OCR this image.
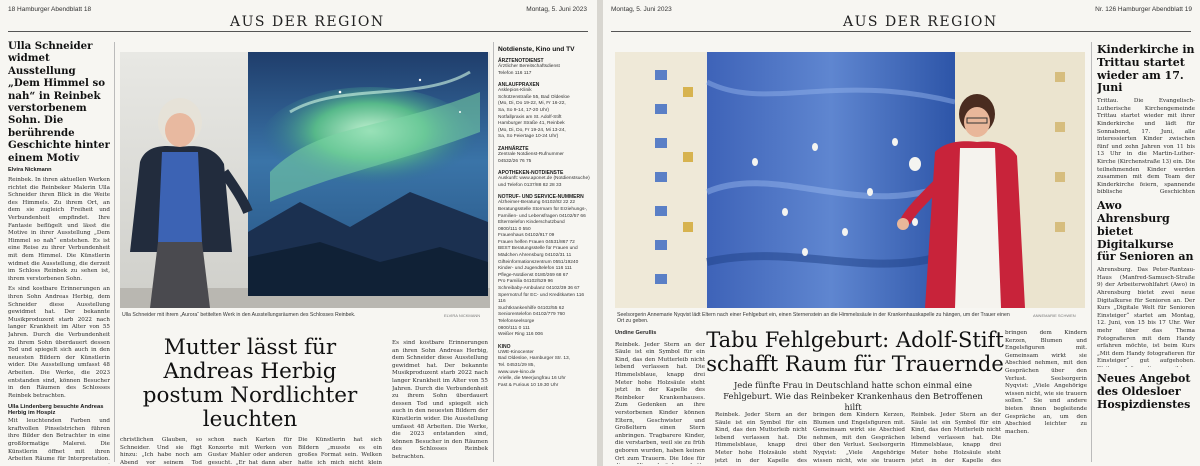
18 Hamburger Abendblatt 18	Montag, 5. Juni 2023
AUS DER REGION
Ulla Schneider widmet Ausstellung „Dem Himmel so nah“ in Reinbek verstorbenem Sohn. Die berührende Geschichte hinter einem Motiv
Elvira Nickmann

Reinbek. In ihren aktuellen Werken richtet die Reinbeker Malerin Ulla Schneider ihren Blick in die Weite des Himmels. Zu ihrem Ort, an dem sie zugleich Freiheit und Verbundenheit empfindet. Ihre Fantasie beflügelt und lässt die Motive in ihrer Ausstellung „Dem Himmel so nah“ entstehen. Es ist eine Reise zu ihrer Verbundenheit mit dem Himmel. Die Künstlerin widmet die Ausstellung, die derzeit im Schloss Reinbek zu sehen ist, ihrem verstorbenen Sohn.

Es sind kostbare Erinnerungen an ihren Sohn Andreas Herbig, dem Schneider diese Ausstellung gewidmet hat. Der bekannte Musikproduzent starb 2022 nach langer Krankheit im Alter von 55 Jahren. Durch die Verbundenheit zu ihrem Sohn überdauert dessen Tod und spiegelt sich auch in den neuesten Bildern der Künstlerin wider. Die Ausstellung umfasst 48 Arbeiten. Die Werke, die 2023 entstanden sind, können Besucher in den Räumen des Schlosses Reinbek betrachten.

Ulla Lindenberg besuchte Andreas Herbig im Hospiz

Mit leuchtenden Farben und kraftvollen Pinselstrichen führen ihre Bilder den Betrachter in eine großformatige Malerei. Die Künstlerin öffnet mit ihren Arbeiten Räume für Interpretation.

Ulla Schneider mit ihrem „Aurora“ betitelten Werk in den Ausstellungsräumen des Schlosses Reinbek.	ELVIRA NICKMANN
Mutter lässt für Andreas Herbig postum Nordlichter leuchten

Es sind kostbare Erinnerungen an ihren Sohn Andreas Herbig, dem Schneider diese Ausstellung gewidmet hat. Der bekannte Musikproduzent starb 2022 nach langer Krankheit im Alter von 55 Jahren. Durch die Verbundenheit zu ihrem Sohn überdauert dessen Tod und spiegelt sich auch in den neuesten Bildern der Künstlerin wider. Die Ausstellung umfasst 48 Arbeiten. Die Werke, die 2023 entstanden sind, können Besucher in den Räumen des Schlosses Reinbek betrachten.

christlichen Glauben, so Schneider. Und sie fügt hinzu: „Ich habe noch am Abend vor seinem Tod

schon nach Karten für Konzerte mit Werken von Gustav Mahler oder anderen gesucht. „Er hat dann aber

Die Künstlerin hat sich Bildern „musste es ein großes Format sein. Welken hatte ich mich nicht klein

Notdienste, Kino und TV
ÄRZTENOTDIENST
Ärztlicher Bereitschaftsdienst
Telefon 116 117
ANLAUFPRAXEN
Asklepios-Klinik
Schützenstraße 55, Bad Oldesloe
(Mo, Di, Do 19-22, Mi, Fr 16-22,
Sa, So 9-14, 17-20 Uhr)
Notfallpraxis am St. Adolf-Stift
Hamburger Straße 41, Reinbek
(Mo, Di, Do, Fr 19-24, Mi 13-24,
Sa, So Feiertage 10-24 Uhr)
ZAHNÄRZTE
Zentrale Notdienst-Rufnummer
04532/26 76 75
APOTHEKEN-NOTDIENSTE
Auskunft: www.aponet.de (Notdienstsuche)
und Telefon 0137/88 82 28 33
NOTRUF- UND SERVICE-NUMMERN
Alzheimer-Beratung 04102/82 22 22
Beratungsstelle Stormarn für Erziehungs-,
Familien- und Lebensfragen 04102/57 66
Elterntelefon Kinderschutzbund
0800/111 0 550
Frauenhaus 04102/917 09
Frauen helfen Frauen 04531/867 72
BEST Beratungsstelle für Frauen und
Mädchen Ahrensburg 04102/31 11
Gifteinformationszentrum 0551/19240
Kinder- und Jugendtelefon 116 111
Pflege-Notdienst 0180/269 68 67
Pro Familia 04102/529 96
Schreibaby-Ambulanz 04102/39 36 67
Sperrnotruf für EC- und Kreditkarten 116 116
Suchtkrankenhilfe 04102/55 62
Seniorentelefon 04102/779 760
Telefonseelsorge
0800/111 0 111
Weißer Ring 116 006
KINO
UWE-Kinocenter
Bad Oldesloe, Hamburger Str. 13,
Tel. 04531/29 85,
www.uwe-kino.de
Arielle, die Meerjungfrau 16 Uhr
Fast & Furious 10 19.30 Uhr
Montag, 5. Juni 2023	Nr. 126 Hamburger Abendblatt 19
AUS DER REGION
Seelsorgerin Annemarie Nyqvist lädt Eltern nach einer Fehlgeburt ein, einen Sternenstein an die Himmelssäule in der Krankenhauskapelle zu hängen, um der Trauer einen Ort zu geben.
ANNEMARIE SCHWEN
Undine Gerullis

Reinbek. Jeder Stern an der Säule ist ein Symbol für ein Kind, das den Mutterleib nicht lebend verlassen hat. Die Himmelsblaue, knapp drei Meter hohe Holzsäule steht jetzt in der Kapelle des Reinbeker Krankenhauses. Zum Gedenken an ihre verstorbenen Kinder können Eltern, Geschwister und Großeltern einen Stern anbringen. Tragbarere Kinder, die verstarben, weil sie zu früh geboren wurden, haben keinen Ort zum Trauern. Die Idee für

Tabu Fehlgeburt: Adolf-Stift schafft Raum für Trauernde
Jede fünfte Frau in Deutschland hatte schon einmal eine Fehlgeburt. Wie das Reinbeker Krankenhaus den Betroffenen hilft

bringen dem Kindern Kerzen, Blumen und Engelsfiguren mit. Gemeinsam wirkt sie Abschied nehmen, mit den Gesprächen über den Verlust. Seelsorgerin Nyqvist: „Viele Angehörige wissen nicht, wie sie trauern sollen.“ Sie und andere bieten ihnen begleitende Gespräche an, um den Abschied leichter zu machen.

Reinbek. Jeder Stern an der Säule ist ein Symbol für ein Kind, das den Mutterleib nicht lebend verlassen hat. Die Himmelsblaue, knapp drei Meter hohe Holzsäule steht jetzt in der Kapelle des

bringen dem Kindern Kerzen, Blumen und Engelsfiguren mit. Gemeinsam wirkt sie Abschied nehmen, mit den Gesprächen über den Verlust. Seelsorgerin Nyqvist: „Viele Angehörige wissen nicht, wie sie trauern

Reinbek. Jeder Stern an der Säule ist ein Symbol für ein Kind, das den Mutterleib nicht lebend verlassen hat. Die Himmelsblaue, knapp drei Meter hohe Holzsäule steht jetzt in der Kapelle des

Kinderkirche in Trittau startet wieder am 17. Juni

Trittau. Die Evangelisch-Lutherische Kirchengemeinde Trittau startet wieder mit ihrer Kinderkirche und lädt für Sonnabend, 17. Juni, alle interessierten Kinder zwischen fünf und zehn Jahren von 11 bis 13 Uhr in die Martin-Luther-Kirche (Kirchenstraße 13) ein. Die teilnehmenden Kinder werden zusammen mit dem Team der Kinderkirche feiern, spannende biblische Geschichten

Awo Ahrensburg bietet Digitalkurse für Senioren an

Ahrensburg. Das Peter-Rantzau-Haus (Manfred-Samusch-Straße 9) der Arbeiterwohlfahrt (Awo) in Ahrensburg bietet zwei neue Digitalkurse für Senioren an. Der Kurs „Digitale Welt für Senioren Einsteiger“ startet am Montag, 12. Juni, von 15 bis 17 Uhr. Wer mehr über das Thema Fotografieren mit dem Handy erfahren möchte, ist beim Kurs „Mit dem Handy fotografieren für Einsteiger“ gut aufgehoben.

Neues Angebot des Oldesloer Hospizdienstes
